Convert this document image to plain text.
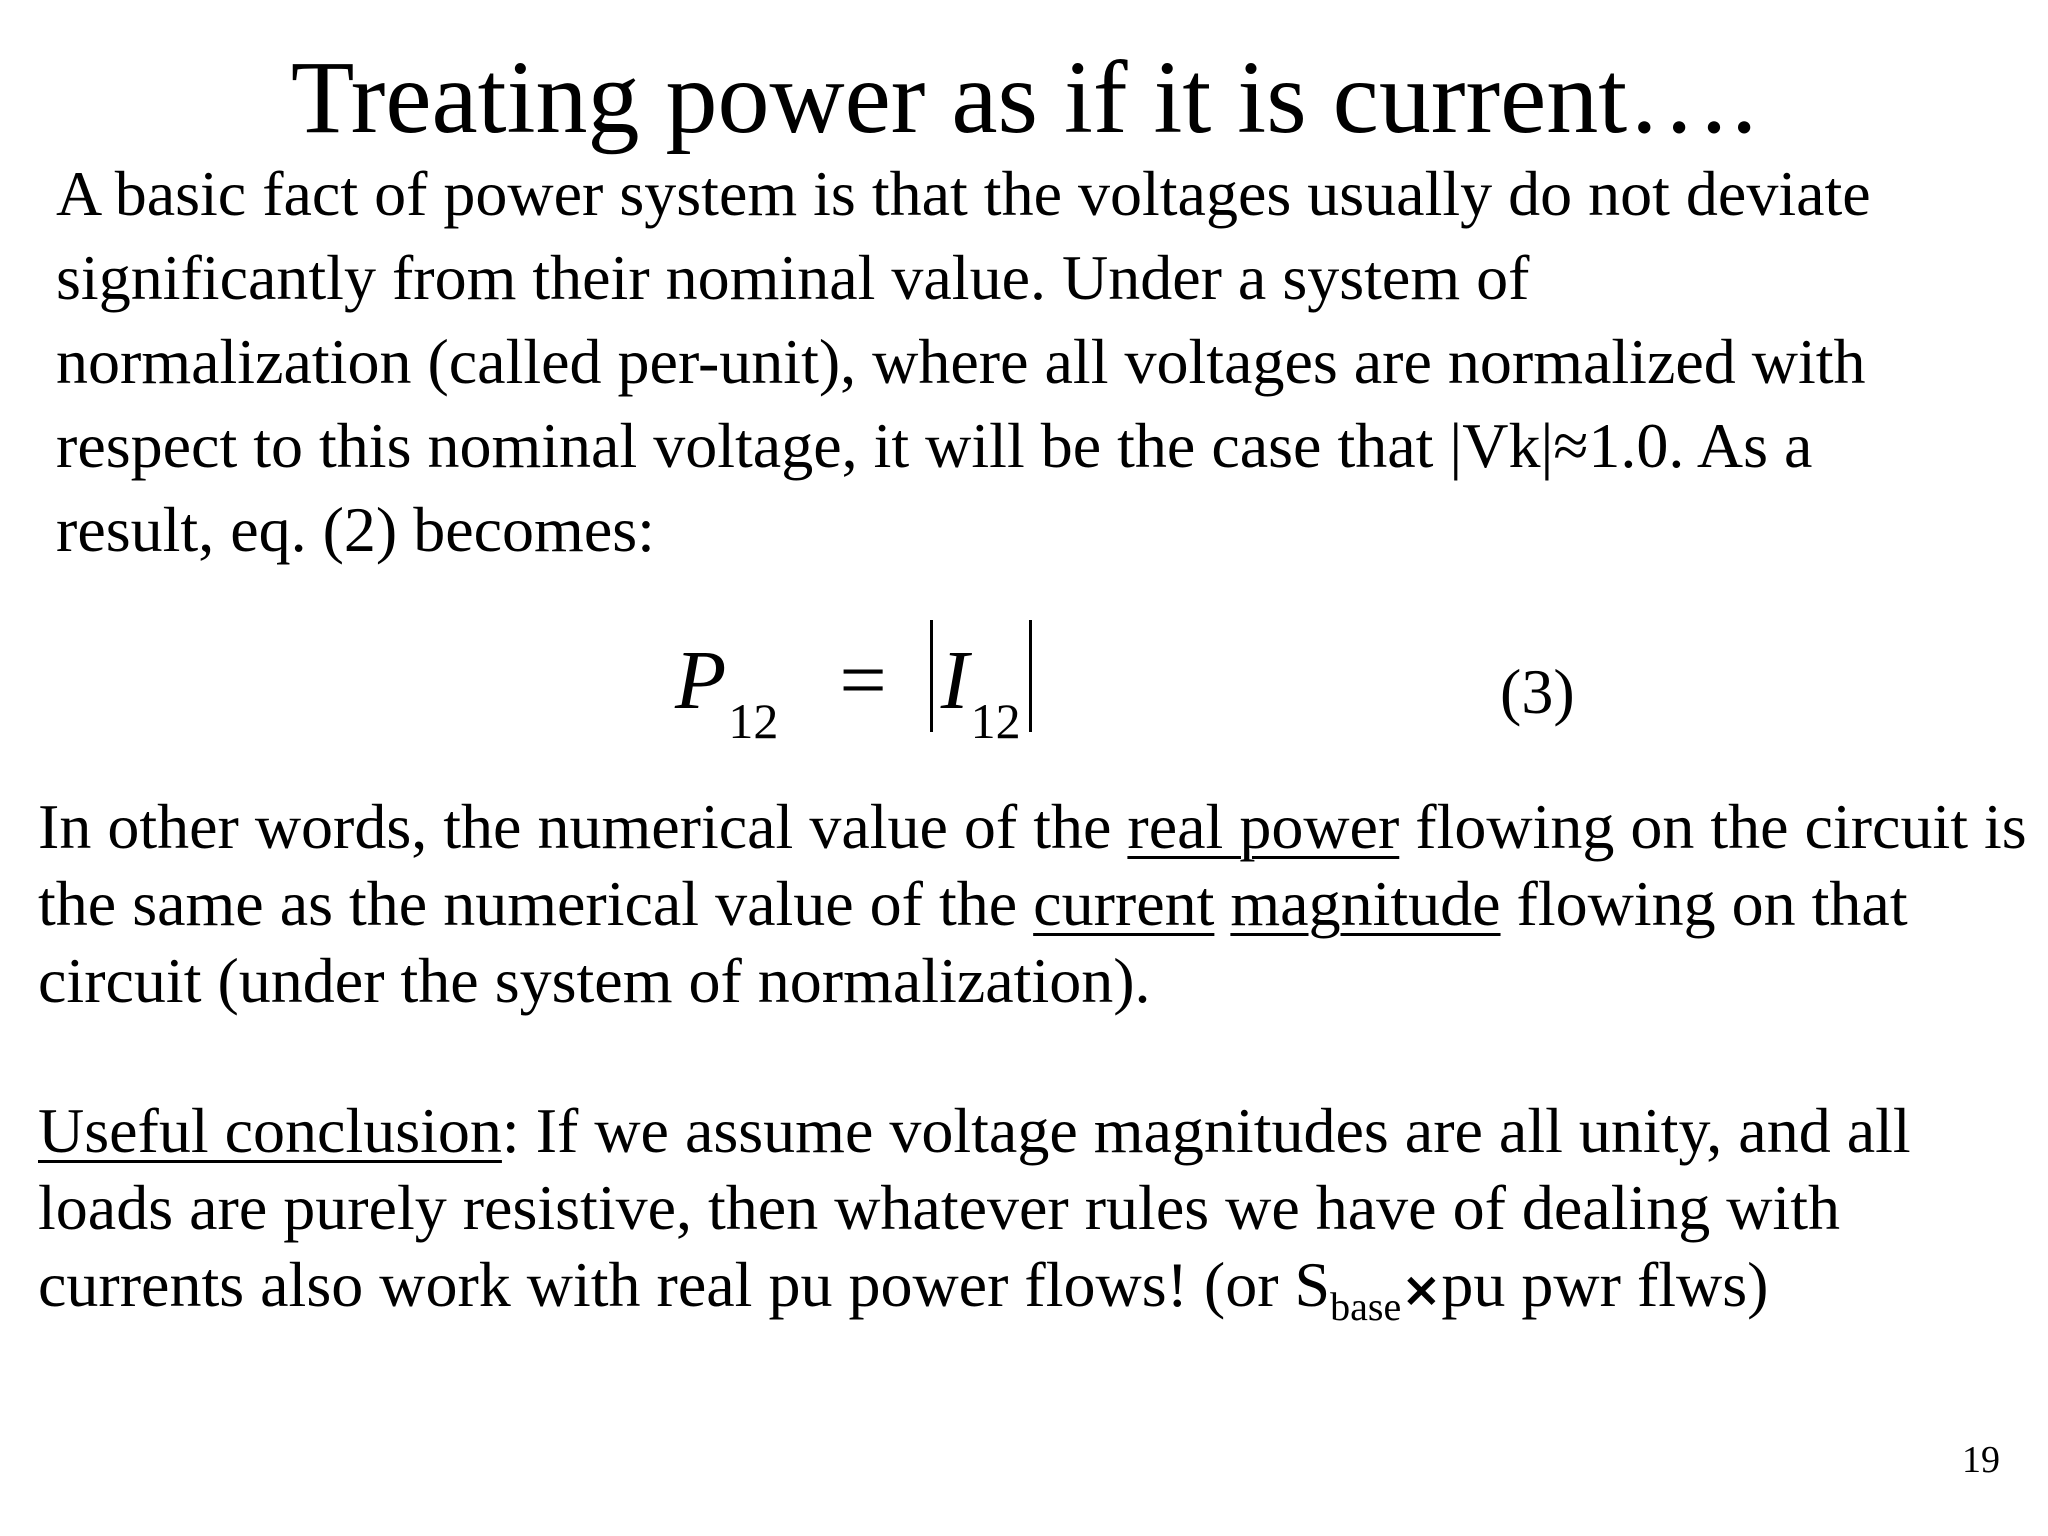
Treating power as if it is current….
A basic fact of power system is that the voltages usually do not deviate
significantly from their nominal value. Under a system of
normalization (called per-unit), where all voltages are normalized with
respect to this nominal voltage, it will be the case that |Vk|≈1.0. As a
result, eq. (2) becomes:
$P_{12} = I_{12}$	(3)
In other words, the numerical value of the real power flowing on the circuit is
the same as the numerical value of the current magnitude flowing on that
circuit (under the system of normalization).
Useful conclusion: If we assume voltage magnitudes are all unity, and all
loads are purely resistive, then whatever rules we have of dealing with
currents also work with real pu power flows! (or $S_{base}\times pu$ pwr flws)
19
